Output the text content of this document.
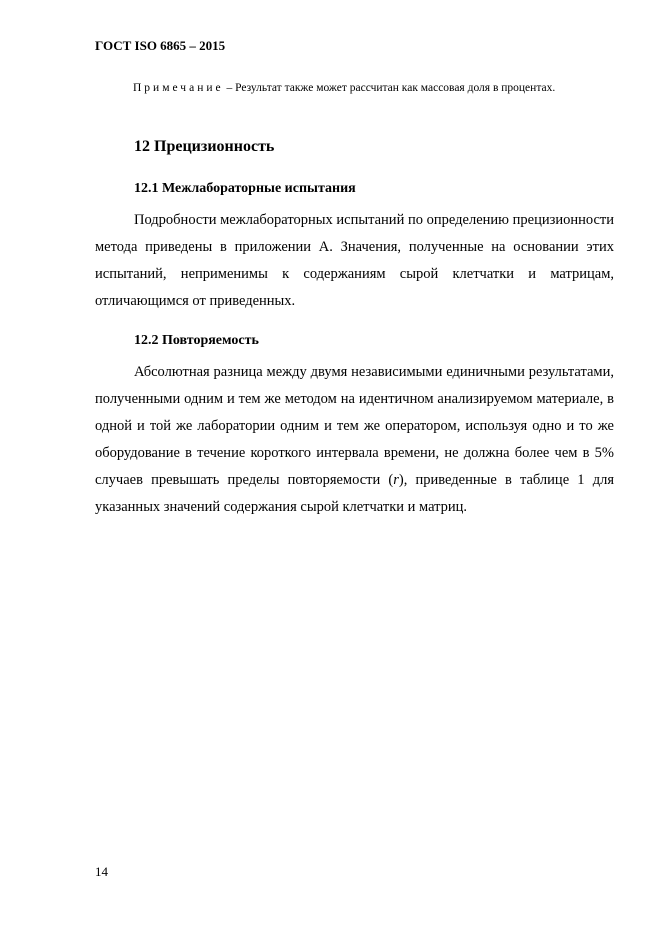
ГОСТ ISO 6865 – 2015
Примечание – Результат также может рассчитан как массовая доля в процентах.
12 Прецизионность
12.1 Межлабораторные испытания
Подробности межлабораторных испытаний по определению прецизионности метода приведены в приложении А. Значения, полученные на основании этих испытаний, неприменимы к содержаниям сырой клетчатки и матрицам, отличающимся от приведенных.
12.2 Повторяемость
Абсолютная разница между двумя независимыми единичными результатами, полученными одним и тем же методом на идентичном анализируемом материале, в одной и той же лаборатории одним и тем же оператором, используя одно и то же оборудование в течение короткого интервала времени, не должна более чем в 5% случаев превышать пределы повторяемости (r), приведенные в таблице 1 для указанных значений содержания сырой клетчатки и матриц.
14
